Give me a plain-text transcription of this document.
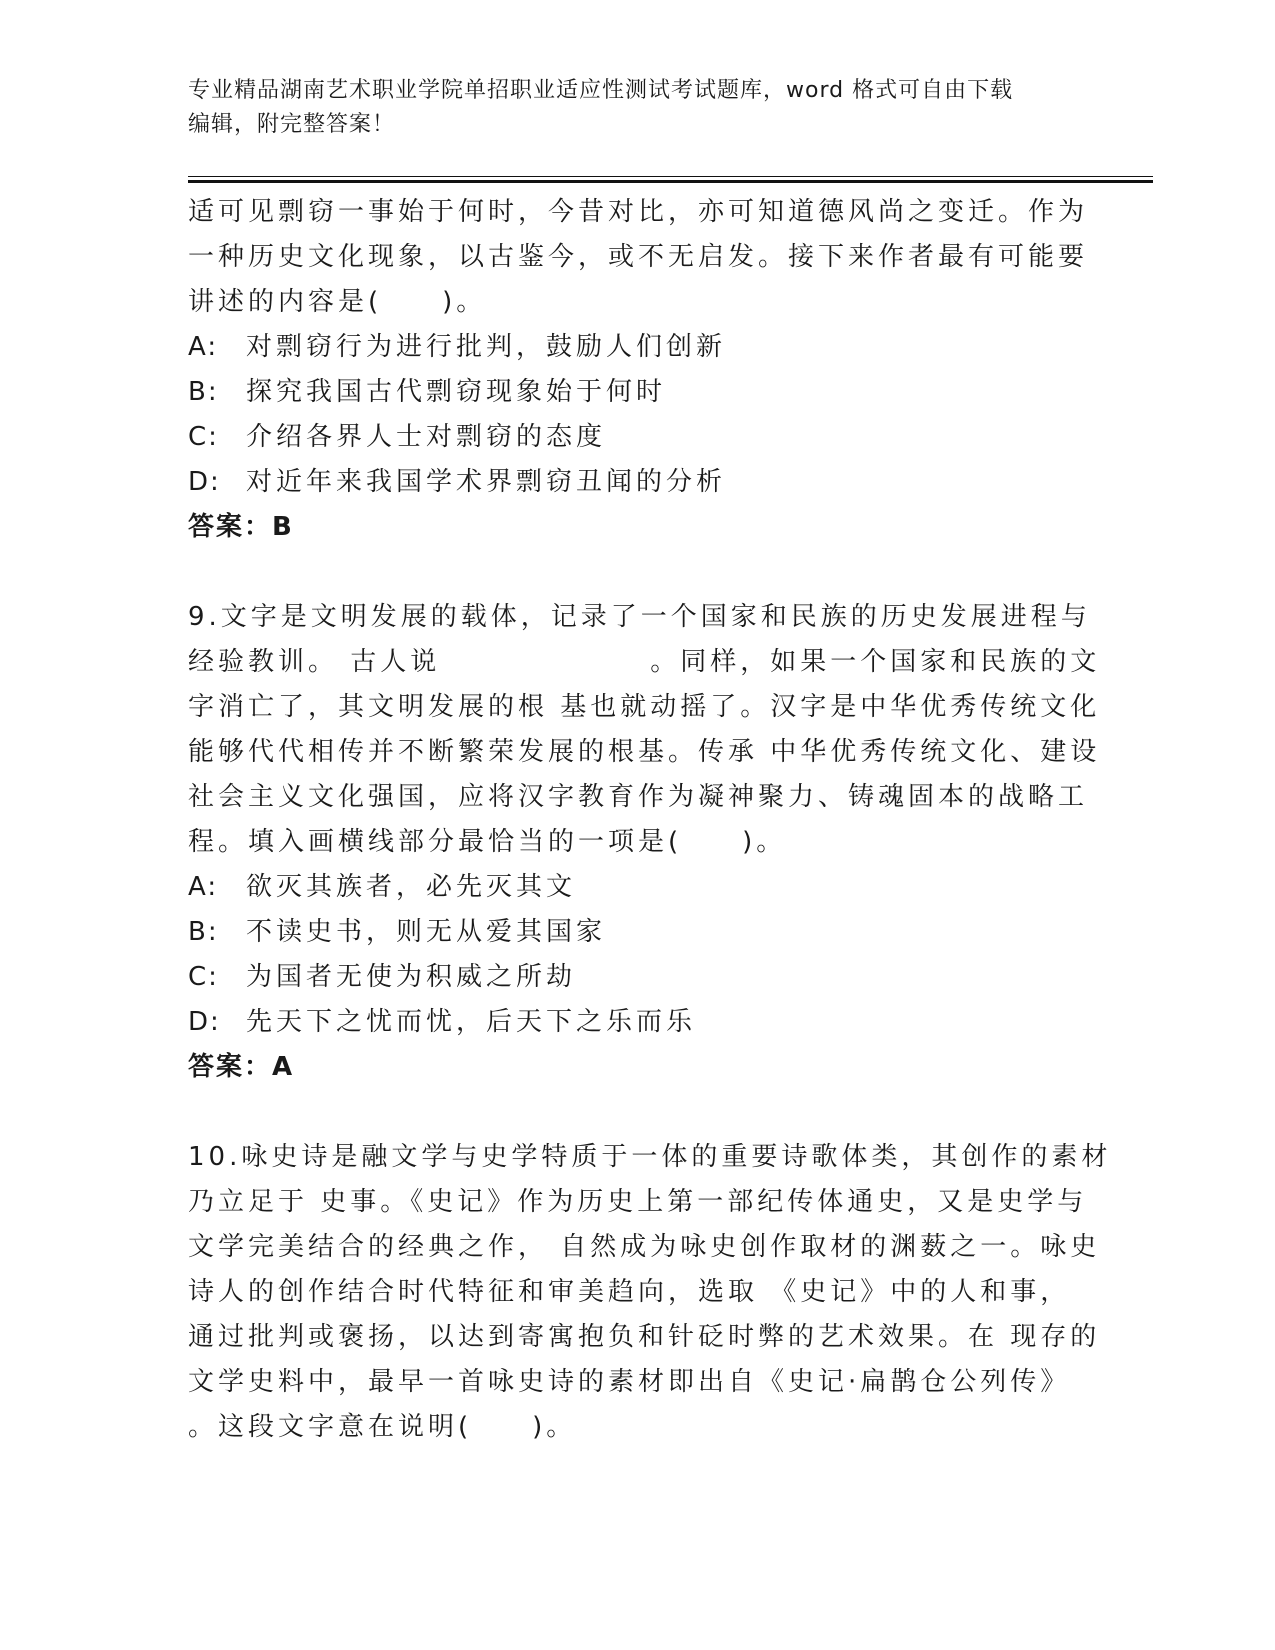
专业精品湖南艺术职业学院单招职业适应性测试考试题库，word 格式可自由下载
编辑，附完整答案！

适可见剽窃一事始于何时，今昔对比，亦可知道德风尚之变迁。作为

一种历史文化现象，以古鉴今，或不无启发。接下来作者最有可能要

讲述的内容是(　　)。

A:	对剽窃行为进行批判，鼓励人们创新
B:	探究我国古代剽窃现象始于何时
C:	介绍各界人士对剽窃的态度
D: 对近年来我国学术界剽窃丑闻的分析
答案：B

9.文字是文明发展的载体，记录了一个国家和民族的历史发展进程与

经验教训。 古人说　　　　　　　。同样，如果一个国家和民族的文

字消亡了，其文明发展的根 基也就动摇了。汉字是中华优秀传统文化

能够代代相传并不断繁荣发展的根基。传承 中华优秀传统文化、建设

社会主义文化强国，应将汉字教育作为凝神聚力、铸魂固本的战略工

程。填入画横线部分最恰当的一项是(　　)。

A:	欲灭其族者，必先灭其文
B:	不读史书，则无从爱其国家
C:	为国者无使为积威之所劫
D: 先天下之忧而忧，后天下之乐而乐
答案：A

10.咏史诗是融文学与史学特质于一体的重要诗歌体类，其创作的素材

乃立足于 史事。《史记》作为历史上第一部纪传体通史，又是史学与

文学完美结合的经典之作， 自然成为咏史创作取材的渊薮之一。咏史

诗人的创作结合时代特征和审美趋向，选取 《史记》中的人和事，

通过批判或褒扬，以达到寄寓抱负和针砭时弊的艺术效果。在 现存的

文学史料中，最早一首咏史诗的素材即出自《史记·扁鹊仓公列传》

。这段文字意在说明(　　)。
